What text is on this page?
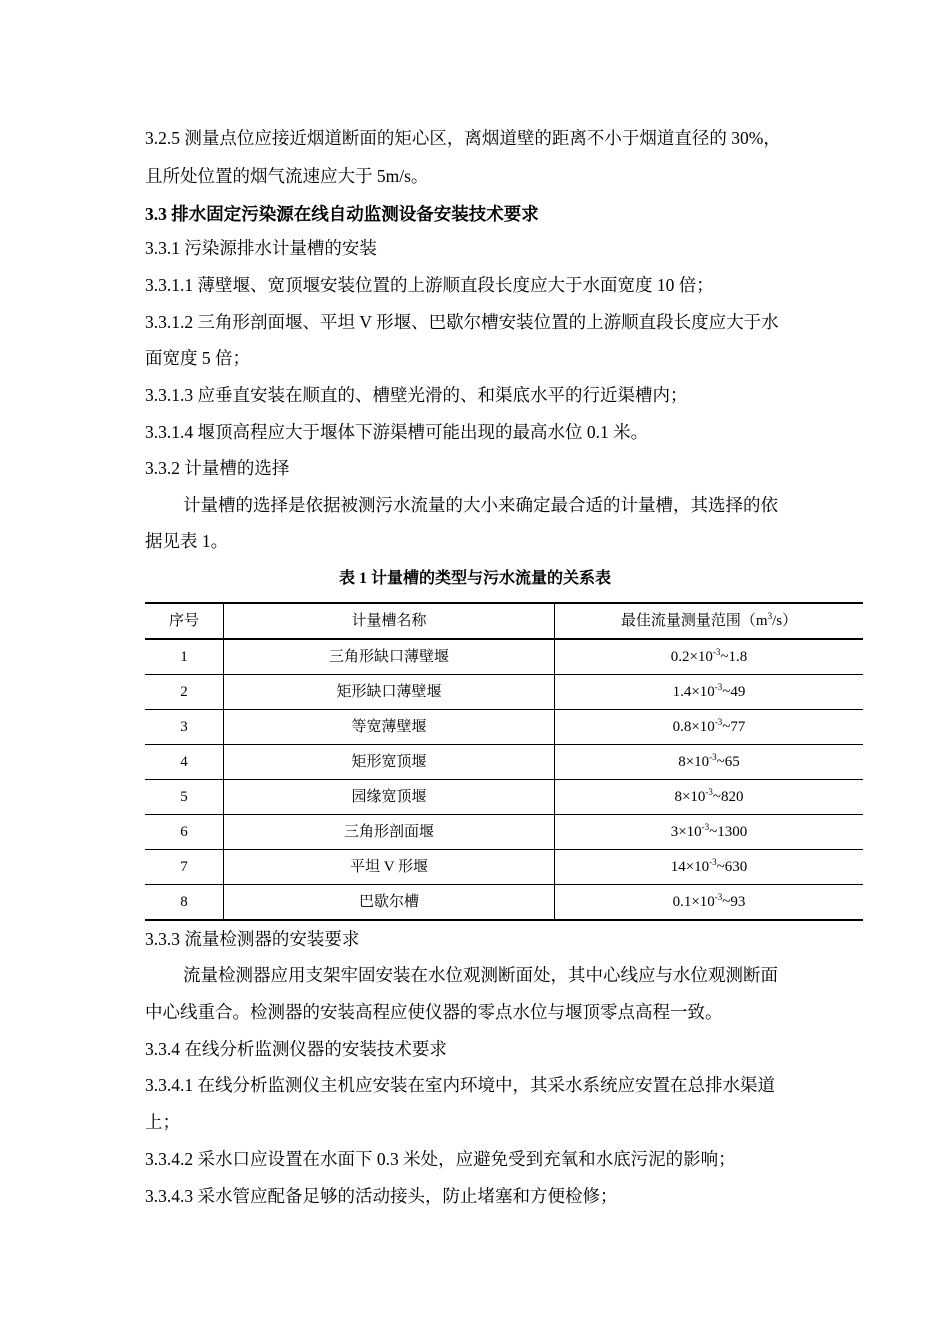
3.2.5 测量点位应接近烟道断面的矩心区，离烟道壁的距离不小于烟道直径的 30%，
且所处位置的烟气流速应大于 5m/s。
3.3 排水固定污染源在线自动监测设备安装技术要求
3.3.1 污染源排水计量槽的安装
3.3.1.1 薄壁堰、宽顶堰安装位置的上游顺直段长度应大于水面宽度 10 倍；
3.3.1.2 三角形剖面堰、平坦 V 形堰、巴歇尔槽安装位置的上游顺直段长度应大于水
面宽度 5 倍；
3.3.1.3 应垂直安装在顺直的、槽壁光滑的、和渠底水平的行近渠槽内；
3.3.1.4 堰顶高程应大于堰体下游渠槽可能出现的最高水位 0.1 米。
3.3.2 计量槽的选择
计量槽的选择是依据被测污水流量的大小来确定最合适的计量槽，其选择的依
据见表 1。
表 1 计量槽的类型与污水流量的关系表
序号	计量槽名称	最佳流量测量范围$(m^3/s)$
1	三角形缺口薄壁堰	$0.2\times 10^{-3}\sim 1.8$
2	矩形缺口薄壁堰	$1.4\times 10^{-3}\sim 49$
3	等宽薄壁堰	$0.8\times 10^{-3}\sim 77$
4	矩形宽顶堰	$8\times 10^{-3}\sim 65$
5	园缘宽顶堰	$8\times 10^{-3}\sim 820$
6	三角形剖面堰	$3\times 10^{-3}\sim 1300$
7	平坦 V 形堰	$14\times 10^{-3}\sim 630$
8	巴歇尔槽	$0.1\times 10^{-3}\sim 93$
3.3.3 流量检测器的安装要求
流量检测器应用支架牢固安装在水位观测断面处，其中心线应与水位观测断面
中心线重合。检测器的安装高程应使仪器的零点水位与堰顶零点高程一致。
3.3.4 在线分析监测仪器的安装技术要求
3.3.4.1 在线分析监测仪主机应安装在室内环境中，其采水系统应安置在总排水渠道
上；
3.3.4.2 采水口应设置在水面下 0.3 米处，应避免受到充氧和水底污泥的影响；
3.3.4.3 采水管应配备足够的活动接头，防止堵塞和方便检修；
